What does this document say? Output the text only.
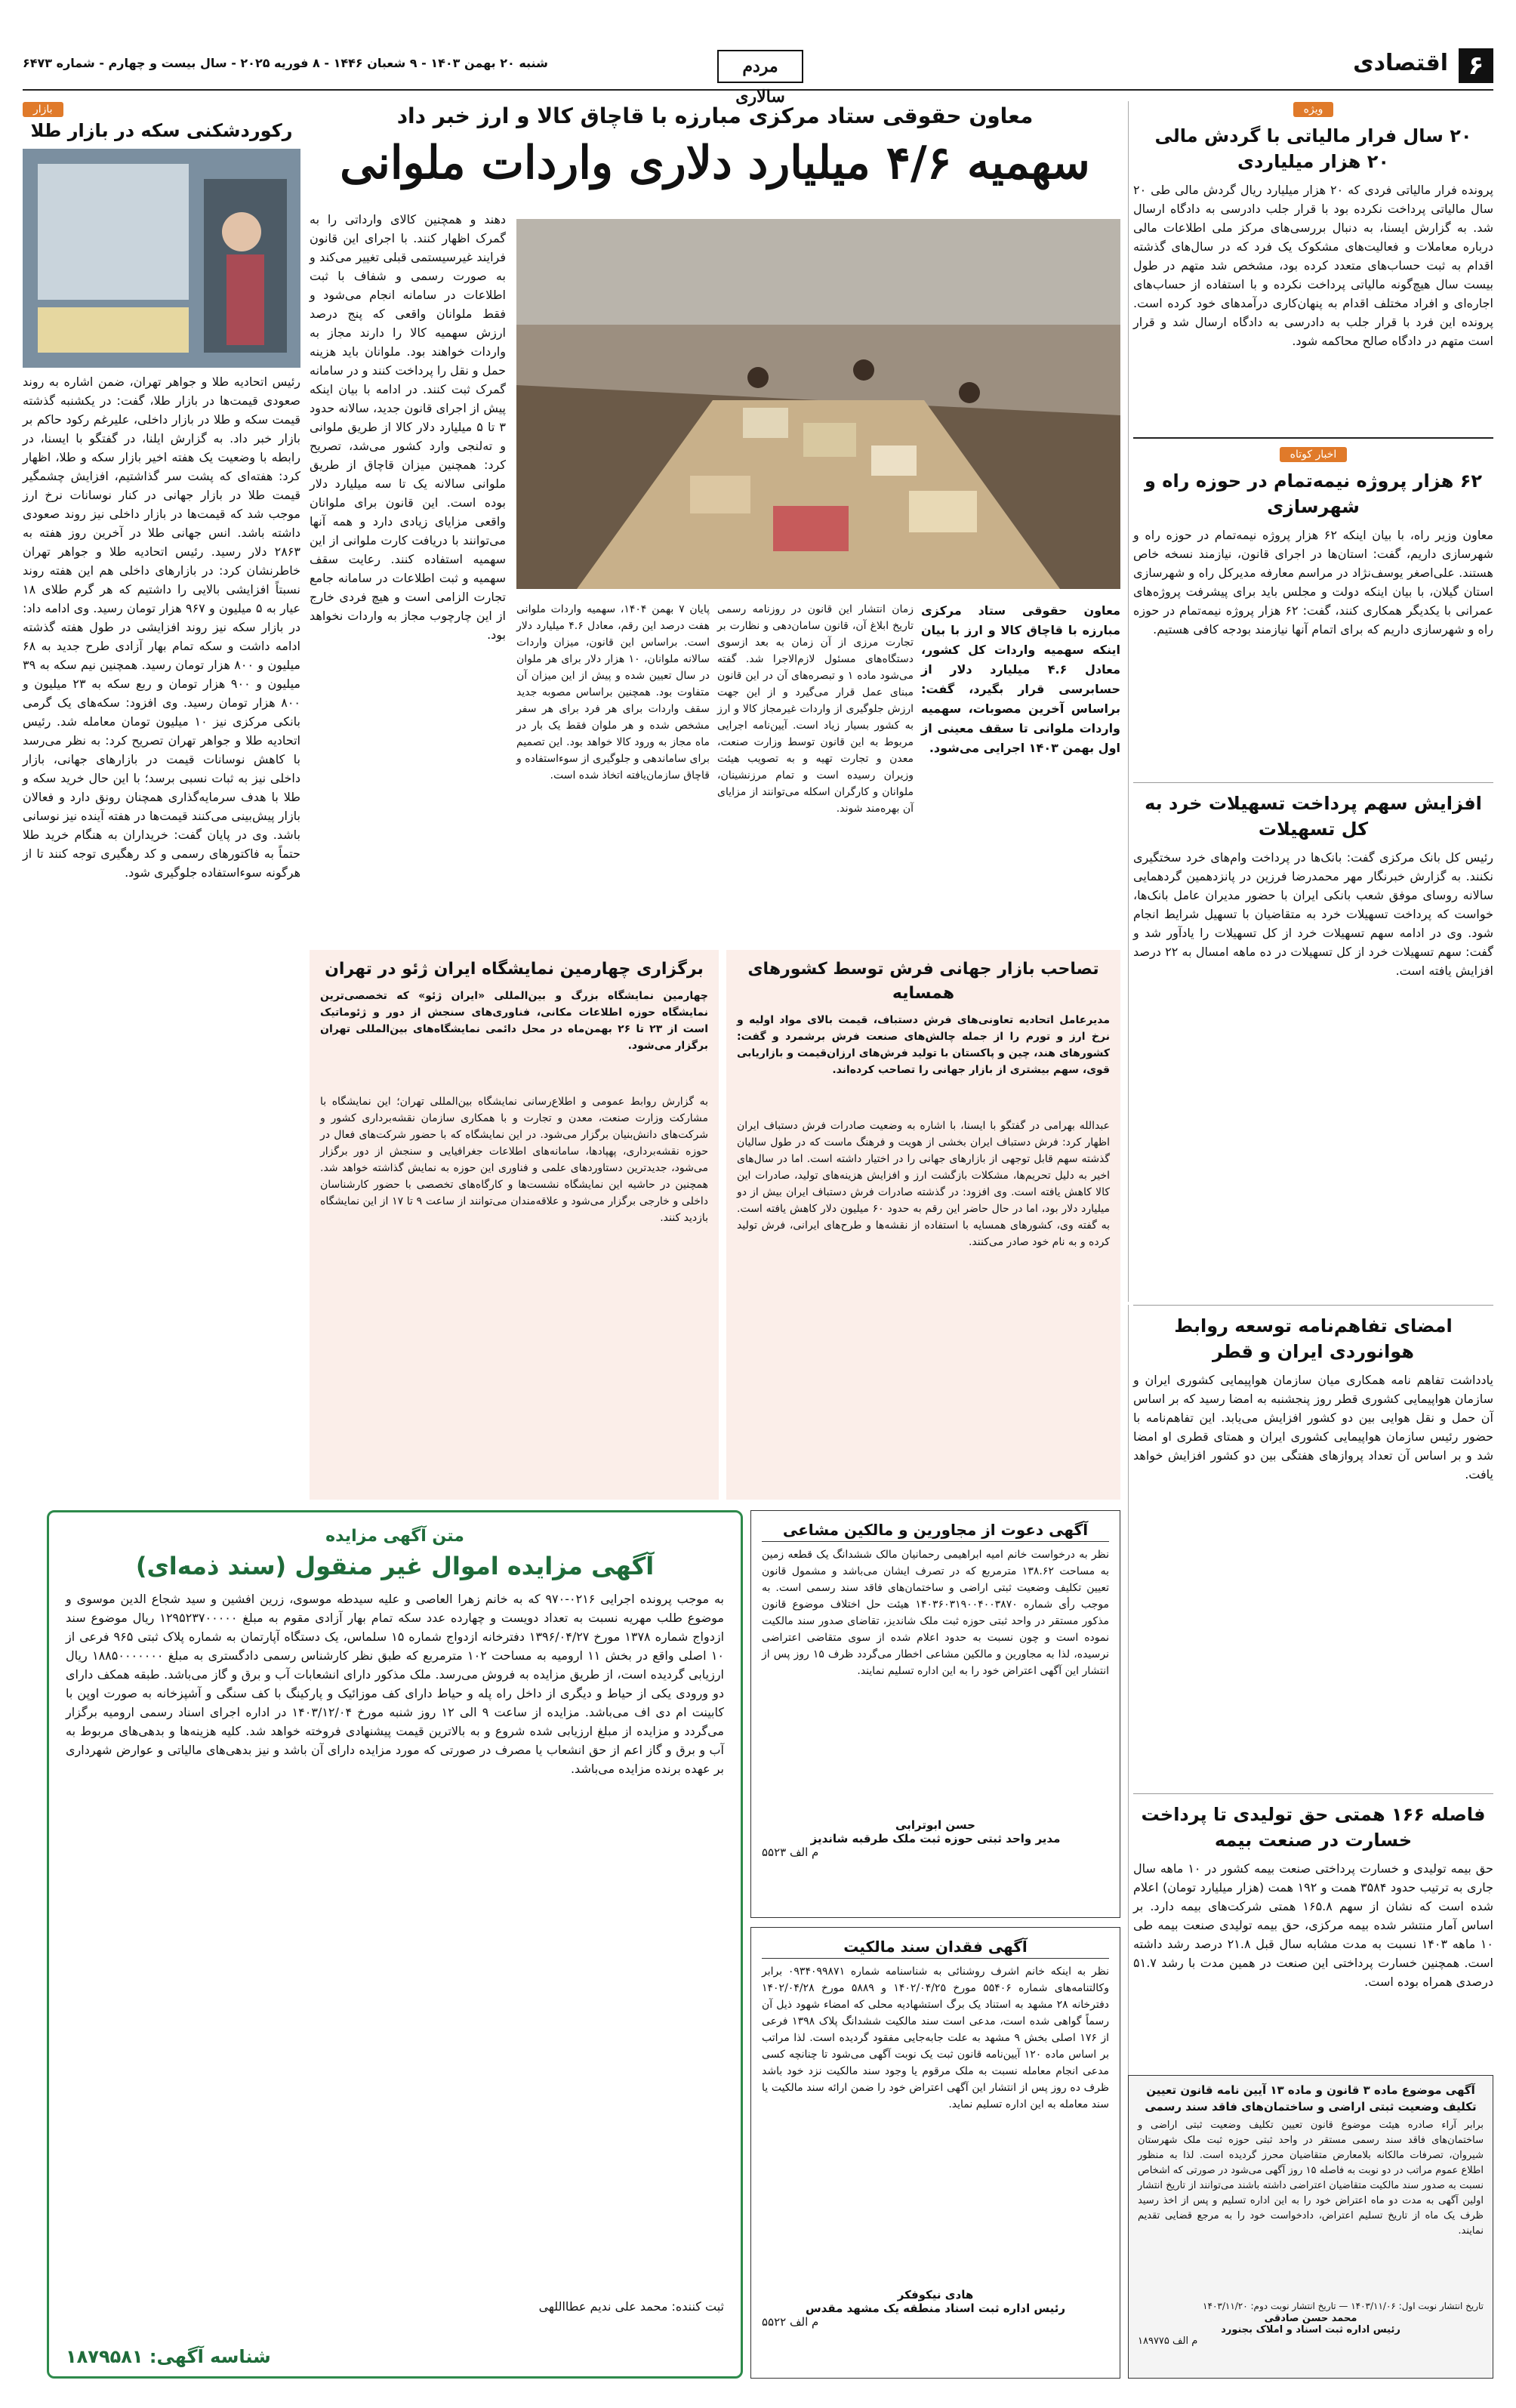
۶
اقتصادی
مردم سالاری
شنبه ۲۰ بهمن ۱۴۰۳ - ۹ شعبان ۱۴۴۶ - ۸ فوریه ۲۰۲۵ - سال بیست و چهارم - شماره ۶۴۷۳
ویژه
۲۰ سال فرار مالیاتی با گردش مالی ۲۰ هزار میلیاردی
پرونده فرار مالیاتی فردی که ۲۰ هزار میلیارد ریال گردش مالی طی ۲۰ سال مالیاتی پرداخت نکرده بود با قرار جلب دادرسی به دادگاه ارسال شد. به گزارش ایسنا، به دنبال بررسی‌های مرکز ملی اطلاعات مالی درباره معاملات و فعالیت‌های مشکوک یک فرد که در سال‌های گذشته اقدام به ثبت حساب‌های متعدد کرده بود، مشخص شد متهم در طول بیست سال هیچ‌گونه مالیاتی پرداخت نکرده و با استفاده از حساب‌های اجاره‌ای و افراد مختلف اقدام به پنهان‌کاری درآمدهای خود کرده است. پرونده این فرد با قرار جلب به دادرسی به دادگاه ارسال شد و قرار است متهم در دادگاه صالح محاکمه شود.
اخبار کوتاه
۶۲ هزار پروژه نیمه‌تمام در حوزه راه و شهرسازی
معاون وزیر راه، با بیان اینکه ۶۲ هزار پروژه نیمه‌تمام در حوزه راه و شهرسازی داریم، گفت: استان‌ها در اجرای قانون، نیازمند نسخه خاص هستند. علی‌اصغر یوسف‌نژاد در مراسم معارفه مدیرکل راه و شهرسازی استان گیلان، با بیان اینکه دولت و مجلس باید برای پیشرفت پروژه‌های عمرانی با یکدیگر همکاری کنند، گفت: ۶۲ هزار پروژه نیمه‌تمام در حوزه راه و شهرسازی داریم که برای اتمام آنها نیازمند بودجه کافی هستیم.
افزایش سهم پرداخت تسهیلات خرد به کل تسهیلات
رئیس کل بانک مرکزی گفت: بانک‌ها در پرداخت وام‌های خرد سختگیری نکنند. به گزارش خبرنگار مهر محمدرضا فرزین در پانزدهمین گردهمایی سالانه روسای موفق شعب بانکی ایران با حضور مدیران عامل بانک‌ها، خواست که پرداخت تسهیلات خرد به متقاضیان با تسهیل شرایط انجام شود. وی در ادامه سهم تسهیلات خرد از کل تسهیلات را یادآور شد و گفت: سهم تسهیلات خرد از کل تسهیلات در ده ماهه امسال به ۲۲ درصد افزایش یافته است.
امضای تفاهم‌نامه توسعه روابط هوانوردی ایران و قطر
یادداشت تفاهم نامه همکاری میان سازمان هواپیمایی کشوری ایران و سازمان هواپیمایی کشوری قطر روز پنجشنبه به امضا رسید که بر اساس آن حمل و نقل هوایی بین دو کشور افزایش می‌یابد. این تفاهم‌نامه با حضور رئیس سازمان هواپیمایی کشوری ایران و همتای قطری او امضا شد و بر اساس آن تعداد پروازهای هفتگی بین دو کشور افزایش خواهد یافت.
فاصله ۱۶۶ همتی حق تولیدی تا پرداخت خسارت در صنعت بیمه
حق بیمه تولیدی و خسارت پرداختی صنعت بیمه کشور در ۱۰ ماهه سال جاری به ترتیب حدود ۳۵۸۴ همت و ۱۹۲ همت (هزار میلیارد تومان) اعلام شده است که نشان از سهم ۱۶۵.۸ همتی شرکت‌های بیمه دارد. بر اساس آمار منتشر شده بیمه مرکزی، حق بیمه تولیدی صنعت بیمه طی ۱۰ ماهه ۱۴۰۳ نسبت به مدت مشابه سال قبل ۲۱.۸ درصد رشد داشته است. همچنین خسارت پرداختی این صنعت در همین مدت با رشد ۵۱.۷ درصدی همراه بوده است.
معاون حقوقی ستاد مرکزی مبارزه با قاچاق کالا و ارز خبر داد
سهمیه ۴/۶ میلیارد دلاری واردات ملوانی
دهند و همچنین کالای وارداتی را به گمرک اظهار کنند. با اجرای این قانون فرایند غیرسیستمی قبلی تغییر می‌کند و به صورت رسمی و شفاف با ثبت اطلاعات در سامانه انجام می‌شود و فقط ملوانان واقعی که پنج درصد ارزش سهمیه کالا را دارند مجاز به واردات خواهند بود. ملوانان باید هزینه حمل و نقل را پرداخت کنند و در سامانه گمرک ثبت کنند. در ادامه با بیان اینکه پیش از اجرای قانون جدید، سالانه حدود ۳ تا ۵ میلیارد دلار کالا از طریق ملوانی و ته‌لنجی وارد کشور می‌شد، تصریح کرد: همچنین میزان قاچاق از طریق ملوانی سالانه یک تا سه میلیارد دلار بوده است. این قانون برای ملوانان واقعی مزایای زیادی دارد و همه آنها می‌توانند با دریافت کارت ملوانی از این سهمیه استفاده کنند. رعایت سقف سهمیه و ثبت اطلاعات در سامانه جامع تجارت الزامی است و هیچ فردی خارج از این چارچوب مجاز به واردات نخواهد بود.
معاون حقوقی ستاد مرکزی مبارزه با قاچاق کالا و ارز با بیان اینکه سهمیه واردات کل کشور، معادل ۴.۶ میلیارد دلار از حسابرسی قرار بگیرد، گفت: براساس آخرین مصوبات، سهمیه واردات ملوانی تا سقف معینی از اول بهمن ۱۴۰۳ اجرایی می‌شود.
زمان انتشار این قانون در روزنامه رسمی تاریخ ابلاغ آن، قانون سامان‌دهی و نظارت بر تجارت مرزی از آن زمان به بعد ازسوی دستگاه‌های مسئول لازم‌الاجرا شد. گفته می‌شود ماده ۱ و تبصره‌های آن در این قانون مبنای عمل قرار می‌گیرد و از این جهت ارزش جلوگیری از واردات غیرمجاز کالا و ارز به کشور بسیار زیاد است. آیین‌نامه اجرایی مربوط به این قانون توسط وزارت صنعت، معدن و تجارت تهیه و به تصویب هیئت وزیران رسیده است و تمام مرزنشینان، ملوانان و کارگران اسکله می‌توانند از مزایای آن بهره‌مند شوند.
پایان ۷ بهمن ۱۴۰۴، سهمیه واردات ملوانی هفت درصد این رقم، معادل ۴.۶ میلیارد دلار است. براساس این قانون، میزان واردات سالانه ملوانان، ۱۰ هزار دلار برای هر ملوان در سال تعیین شده و پیش از این میزان آن متفاوت بود. همچنین براساس مصوبه جدید سقف واردات برای هر فرد برای هر سفر مشخص شده و هر ملوان فقط یک بار در ماه مجاز به ورود کالا خواهد بود. این تصمیم برای ساماندهی و جلوگیری از سوءاستفاده و قاچاق سازمان‌یافته اتخاذ شده است.
بازار
رکوردشکنی سکه در بازار طلا
رئیس اتحادیه طلا و جواهر تهران، ضمن اشاره به روند صعودی قیمت‌ها در بازار طلا، گفت: در یکشنبه گذشته قیمت سکه و طلا در بازار داخلی، علیرغم رکود حاکم بر بازار خبر داد. به گزارش ایلنا، در گفتگو با ایسنا، در رابطه با وضعیت یک هفته اخیر بازار سکه و طلا، اظهار کرد: هفته‌ای که پشت سر گذاشتیم، افزایش چشمگیر قیمت طلا در بازار جهانی در کنار نوسانات نرخ ارز موجب شد که قیمت‌ها در بازار داخلی نیز روند صعودی داشته باشد. انس جهانی طلا در آخرین روز هفته به ۲۸۶۳ دلار رسید. رئیس اتحادیه طلا و جواهر تهران خاطرنشان کرد: در بازارهای داخلی هم این هفته روند نسبتاً افزایشی بالایی را داشتیم که هر گرم طلای ۱۸ عیار به ۵ میلیون و ۹۶۷ هزار تومان رسید. وی ادامه داد: در بازار سکه نیز روند افزایشی در طول هفته گذشته ادامه داشت و سکه تمام بهار آزادی طرح جدید به ۶۸ میلیون و ۸۰۰ هزار تومان رسید. همچنین نیم سکه به ۳۹ میلیون و ۹۰۰ هزار تومان و ربع سکه به ۲۳ میلیون و ۸۰۰ هزار تومان رسید. وی افزود: سکه‌های یک گرمی بانکی مرکزی نیز ۱۰ میلیون تومان معامله شد. رئیس اتحادیه طلا و جواهر تهران تصریح کرد: به نظر می‌رسد با کاهش نوسانات قیمت در بازارهای جهانی، بازار داخلی نیز به ثبات نسبی برسد؛ با این حال خرید سکه و طلا با هدف سرمایه‌گذاری همچنان رونق دارد و فعالان بازار پیش‌بینی می‌کنند قیمت‌ها در هفته آینده نیز نوسانی باشد. وی در پایان گفت: خریداران به هنگام خرید طلا حتماً به فاکتورهای رسمی و کد رهگیری توجه کنند تا از هرگونه سوءاستفاده جلوگیری شود.
تصاحب بازار جهانی فرش توسط کشورهای همسایه
مدیرعامل اتحادیه تعاونی‌های فرش دستباف، قیمت بالای مواد اولیه و نرخ ارز و تورم را از جمله چالش‌های صنعت فرش برشمرد و گفت: کشورهای هند، چین و پاکستان با تولید فرش‌های ارزان‌قیمت و بازاریابی قوی، سهم بیشتری از بازار جهانی را تصاحب کرده‌اند.
عبدالله بهرامی در گفتگو با ایسنا، با اشاره به وضعیت صادرات فرش دستباف ایران اظهار کرد: فرش دستباف ایران بخشی از هویت و فرهنگ ماست که در طول سالیان گذشته سهم قابل توجهی از بازارهای جهانی را در اختیار داشته است. اما در سال‌های اخیر به دلیل تحریم‌ها، مشکلات بازگشت ارز و افزایش هزینه‌های تولید، صادرات این کالا کاهش یافته است. وی افزود: در گذشته صادرات فرش دستباف ایران بیش از دو میلیارد دلار بود، اما در حال حاضر این رقم به حدود ۶۰ میلیون دلار کاهش یافته است. به گفته وی، کشورهای همسایه با استفاده از نقشه‌ها و طرح‌های ایرانی، فرش تولید کرده و به نام خود صادر می‌کنند.
برگزاری چهارمین نمایشگاه ایران ژئو در تهران
چهارمین نمایشگاه بزرگ و بین‌المللی «ایران ژئو» که تخصصی‌ترین نمایشگاه حوزه اطلاعات مکانی، فناوری‌های سنجش از دور و ژئوماتیک است از ۲۳ تا ۲۶ بهمن‌ماه در محل دائمی نمایشگاه‌های بین‌المللی تهران برگزار می‌شود.
به گزارش روابط عمومی و اطلاع‌رسانی نمایشگاه بین‌المللی تهران؛ این نمایشگاه با مشارکت وزارت صنعت، معدن و تجارت و با همکاری سازمان نقشه‌برداری کشور و شرکت‌های دانش‌بنیان برگزار می‌شود. در این نمایشگاه که با حضور شرکت‌های فعال در حوزه نقشه‌برداری، پهپادها، سامانه‌های اطلاعات جغرافیایی و سنجش از دور برگزار می‌شود، جدیدترین دستاوردهای علمی و فناوری این حوزه به نمایش گذاشته خواهد شد. همچنین در حاشیه این نمایشگاه نشست‌ها و کارگاه‌های تخصصی با حضور کارشناسان داخلی و خارجی برگزار می‌شود و علاقه‌مندان می‌توانند از ساعت ۹ تا ۱۷ از این نمایشگاه بازدید کنند.
متن آگهی مزایده
آگهی مزایده اموال غیر منقول (سند ذمه‌ای)
به موجب پرونده اجرایی ۰۲۱۶-۹۷۰ که به خانم زهرا العاصی و علیه سیدطه موسوی، زرین افشین و سید شجاع الدین موسوی و موضوع طلب مهریه نسبت به تعداد دویست و چهارده عدد سکه تمام بهار آزادی مقوم به مبلغ ۱۲۹۵۲۳۷۰۰۰۰۰ ریال موضوع سند ازدواج شماره ۱۳۷۸ مورخ ۱۳۹۶/۰۴/۲۷ دفترخانه ازدواج شماره ۱۵ سلماس، یک دستگاه آپارتمان به شماره پلاک ثبتی ۹۶۵ فرعی از ۱۰ اصلی واقع در بخش ۱۱ ارومیه به مساحت ۱۰۲ مترمربع که طبق نظر کارشناس رسمی دادگستری به مبلغ ۱۸۸۵۰۰۰۰۰۰۰ ریال ارزیابی گردیده است، از طریق مزایده به فروش می‌رسد. ملک مذکور دارای انشعابات آب و برق و گاز می‌باشد. طبقه همکف دارای دو ورودی یکی از حیاط و دیگری از داخل راه پله و حیاط دارای کف موزائیک و پارکینگ با کف سنگی و آشپزخانه به صورت اوپن با کابینت ام دی اف می‌باشد. مزایده از ساعت ۹ الی ۱۲ روز شنبه مورخ ۱۴۰۳/۱۲/۰۴ در اداره اجرای اسناد رسمی ارومیه برگزار می‌گردد و مزایده از مبلغ ارزیابی شده شروع و به بالاترین قیمت پیشنهادی فروخته خواهد شد. کلیه هزینه‌ها و بدهی‌های مربوط به آب و برق و گاز اعم از حق انشعاب یا مصرف در صورتی که مورد مزایده دارای آن باشد و نیز بدهی‌های مالیاتی و عوارض شهرداری بر عهده برنده مزایده می‌باشد.
ثبت کننده: محمد علی ندیم عطااللهی
شناسه آگهی: ۱۸۷۹۵۸۱
آگهی دعوت از مجاورین و مالکین مشاعی
نظر به درخواست خانم امیه ابراهیمی رحمانیان مالک ششدانگ یک قطعه زمین به مساحت ۱۳۸.۶۲ مترمربع که در تصرف ایشان می‌باشد و مشمول قانون تعیین تکلیف وضعیت ثبتی اراضی و ساختمان‌های فاقد سند رسمی است. به موجب رأی شماره ۱۴۰۳۶۰۳۱۹۰۰۴۰۰۳۸۷۰ هیئت حل اختلاف موضوع قانون مذکور مستقر در واحد ثبتی حوزه ثبت ملک شاندیز، تقاضای صدور سند مالکیت نموده است و چون نسبت به حدود اعلام شده از سوی متقاضی اعتراضی نرسیده، لذا به مجاورین و مالکین مشاعی اخطار می‌گردد ظرف ۱۵ روز پس از انتشار این آگهی اعتراض خود را به این اداره تسلیم نمایند.
حسن ابوترابی
مدیر واحد ثبتی حوزه ثبت ملک طرقبه شاندیز
م الف ۵۵۲۳
آگهی فقدان سند مالکیت
نظر به اینکه خانم اشرف روشنائی به شناسنامه شماره ۰۹۳۴۰۹۹۸۷۱ برابر وکالتنامه‌های شماره ۵۵۴۰۶ مورخ ۱۴۰۲/۰۴/۲۵ و ۵۸۸۹ مورخ ۱۴۰۲/۰۴/۲۸ دفترخانه ۲۸ مشهد به استناد یک برگ استشهادیه محلی که امضاء شهود ذیل آن رسماً گواهی شده است، مدعی است سند مالکیت ششدانگ پلاک ۱۳۹۸ فرعی از ۱۷۶ اصلی بخش ۹ مشهد به علت جابه‌جایی مفقود گردیده است. لذا مراتب بر اساس ماده ۱۲۰ آیین‌نامه قانون ثبت یک نوبت آگهی می‌شود تا چنانچه کسی مدعی انجام معامله نسبت به ملک مرقوم یا وجود سند مالکیت نزد خود باشد ظرف ده روز پس از انتشار این آگهی اعتراض خود را ضمن ارائه سند مالکیت یا سند معامله به این اداره تسلیم نماید.
هادی نیکوفکر
رئیس اداره ثبت اسناد منطقه یک مشهد مقدس
م الف ۵۵۲۲
آگهی موضوع ماده ۳ قانون و ماده ۱۳ آیین نامه قانون تعیین تکلیف وضعیت ثبتی اراضی و ساختمان‌های فاقد سند رسمی
برابر آراء صادره هیئت موضوع قانون تعیین تکلیف وضعیت ثبتی اراضی و ساختمان‌های فاقد سند رسمی مستقر در واحد ثبتی حوزه ثبت ملک شهرستان شیروان، تصرفات مالکانه بلامعارض متقاضیان محرز گردیده است. لذا به منظور اطلاع عموم مراتب در دو نوبت به فاصله ۱۵ روز آگهی می‌شود در صورتی که اشخاص نسبت به صدور سند مالکیت متقاضیان اعتراضی داشته باشند می‌توانند از تاریخ انتشار اولین آگهی به مدت دو ماه اعتراض خود را به این اداره تسلیم و پس از اخذ رسید ظرف یک ماه از تاریخ تسلیم اعتراض، دادخواست خود را به مرجع قضایی تقدیم نمایند.
تاریخ انتشار نوبت اول: ۱۴۰۳/۱۱/۰۶ — تاریخ انتشار نوبت دوم: ۱۴۰۳/۱۱/۲۰
محمد حسن صادقی
رئیس اداره ثبت اسناد و املاک بجنورد
م الف ۱۸۹۷۷۵
